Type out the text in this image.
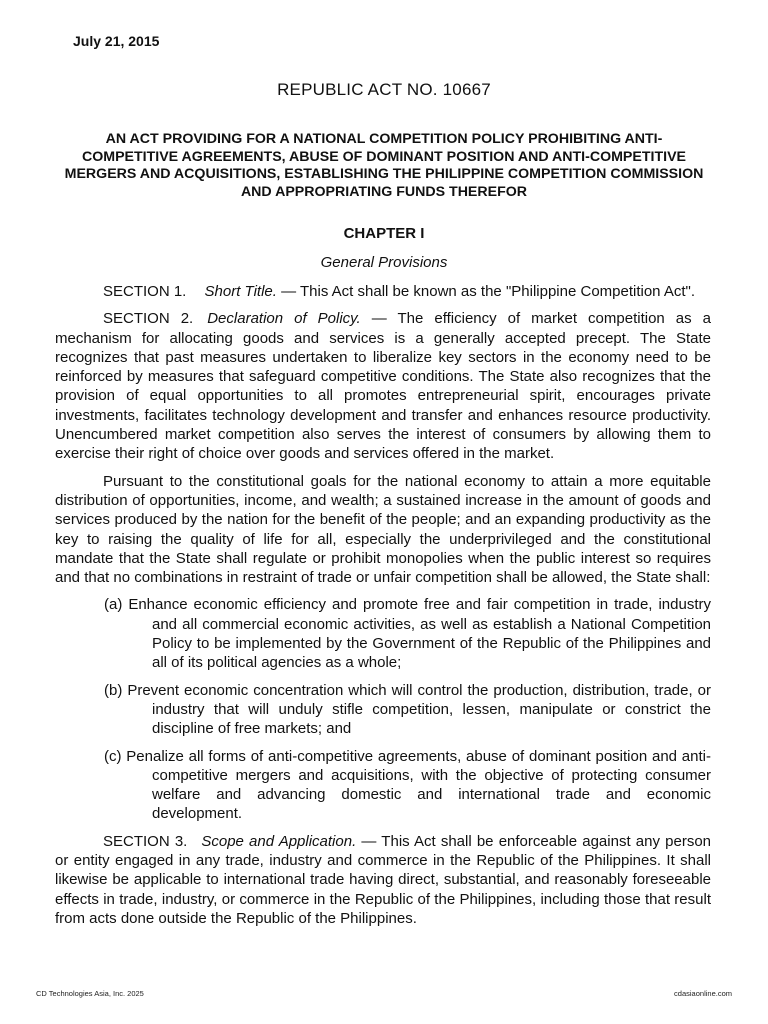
July 21, 2015
REPUBLIC ACT NO. 10667
AN ACT PROVIDING FOR A NATIONAL COMPETITION POLICY PROHIBITING ANTI-COMPETITIVE AGREEMENTS, ABUSE OF DOMINANT POSITION AND ANTI-COMPETITIVE MERGERS AND ACQUISITIONS, ESTABLISHING THE PHILIPPINE COMPETITION COMMISSION AND APPROPRIATING FUNDS THEREFOR
CHAPTER I
General Provisions

SECTION 1. Short Title. — This Act shall be known as the "Philippine Competition Act".

SECTION 2. Declaration of Policy. — The efficiency of market competition as a mechanism for allocating goods and services is a generally accepted precept. The State recognizes that past measures undertaken to liberalize key sectors in the economy need to be reinforced by measures that safeguard competitive conditions. The State also recognizes that the provision of equal opportunities to all promotes entrepreneurial spirit, encourages private investments, facilitates technology development and transfer and enhances resource productivity. Unencumbered market competition also serves the interest of consumers by allowing them to exercise their right of choice over goods and services offered in the market.

Pursuant to the constitutional goals for the national economy to attain a more equitable distribution of opportunities, income, and wealth; a sustained increase in the amount of goods and services produced by the nation for the benefit of the people; and an expanding productivity as the key to raising the quality of life for all, especially the underprivileged and the constitutional mandate that the State shall regulate or prohibit monopolies when the public interest so requires and that no combinations in restraint of trade or unfair competition shall be allowed, the State shall:

(a) Enhance economic efficiency and promote free and fair competition in trade, industry and all commercial economic activities, as well as establish a National Competition Policy to be implemented by the Government of the Republic of the Philippines and all of its political agencies as a whole;
(b) Prevent economic concentration which will control the production, distribution, trade, or industry that will unduly stifle competition, lessen, manipulate or constrict the discipline of free markets; and
(c) Penalize all forms of anti-competitive agreements, abuse of dominant position and anti-competitive mergers and acquisitions, with the objective of protecting consumer welfare and advancing domestic and international trade and economic development.

SECTION 3. Scope and Application. — This Act shall be enforceable against any person or entity engaged in any trade, industry and commerce in the Republic of the Philippines. It shall likewise be applicable to international trade having direct, substantial, and reasonably foreseeable effects in trade, industry, or commerce in the Republic of the Philippines, including those that result from acts done outside the Republic of the Philippines.

CD Technologies Asia, Inc. 2025	cdasiaonline.com
